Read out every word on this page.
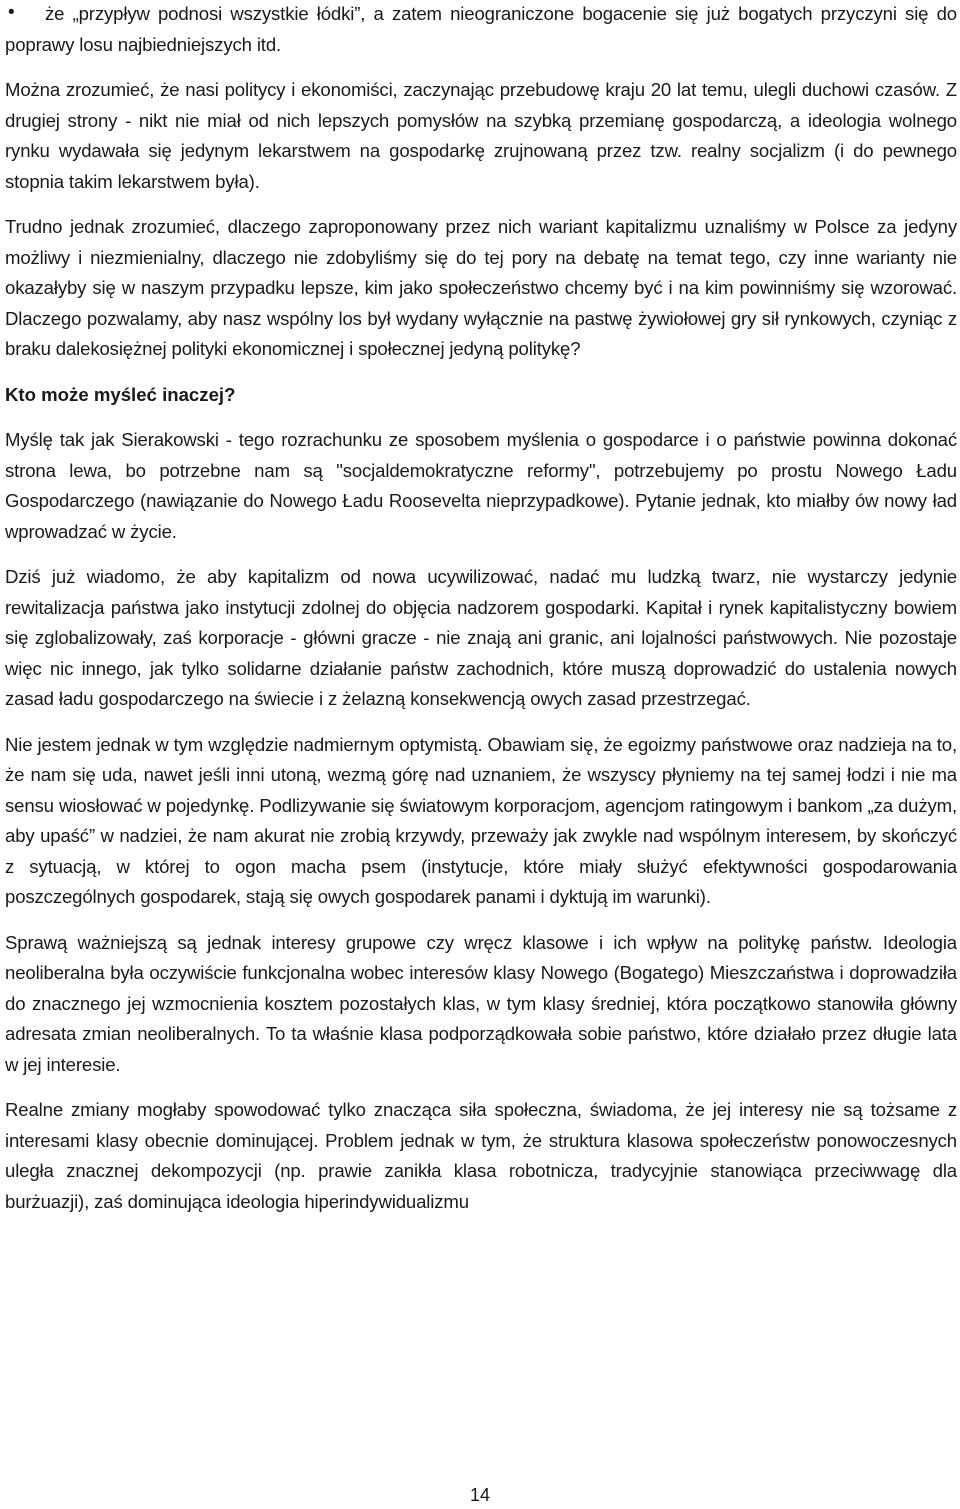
•	że „przypływ podnosi wszystkie łódki”, a zatem nieograniczone bogacenie się już bogatych przyczyni się do poprawy losu najbiedniejszych itd.

Można zrozumieć, że nasi politycy i ekonomiści, zaczynając przebudowę kraju 20 lat temu, ulegli duchowi czasów. Z drugiej strony - nikt nie miał od nich lepszych pomysłów na szybką przemianę gospodarczą, a ideologia wolnego rynku wydawała się jedynym lekarstwem na gospodarkę zrujnowaną przez tzw. realny socjalizm (i do pewnego stopnia takim lekarstwem była).

Trudno jednak zrozumieć, dlaczego zaproponowany przez nich wariant kapitalizmu uznaliśmy w Polsce za jedyny możliwy i niezmienialny, dlaczego nie zdobyliśmy się do tej pory na debatę na temat tego, czy inne warianty nie okazałyby się w naszym przypadku lepsze, kim jako społeczeństwo chcemy być i na kim powinniśmy się wzorować. Dlaczego pozwalamy, aby nasz wspólny los był wydany wyłącznie na pastwę żywiołowej gry sił rynkowych, czyniąc z braku dalekosiężnej polityki ekonomicznej i społecznej jedyną politykę?

Kto może myśleć inaczej?

Myślę tak jak Sierakowski - tego rozrachunku ze sposobem myślenia o gospodarce i o państwie powinna dokonać strona lewa, bo potrzebne nam są "socjaldemokratyczne reformy", potrzebujemy po prostu Nowego Ładu Gospodarczego (nawiązanie do Nowego Ładu Roosevelta nieprzypadkowe). Pytanie jednak, kto miałby ów nowy ład wprowadzać w życie.

Dziś już wiadomo, że aby kapitalizm od nowa ucywilizować, nadać mu ludzką twarz, nie wystarczy jedynie rewitalizacja państwa jako instytucji zdolnej do objęcia nadzorem gospodarki. Kapitał i rynek kapitalistyczny bowiem się zglobalizowały, zaś korporacje - główni gracze - nie znają ani granic, ani lojalności państwowych. Nie pozostaje więc nic innego, jak tylko solidarne działanie państw zachodnich, które muszą doprowadzić do ustalenia nowych zasad ładu gospodarczego na świecie i z żelazną konsekwencją owych zasad przestrzegać.

Nie jestem jednak w tym względzie nadmiernym optymistą. Obawiam się, że egoizmy państwowe oraz nadzieja na to, że nam się uda, nawet jeśli inni utoną, wezmą górę nad uznaniem, że wszyscy płyniemy na tej samej łodzi i nie ma sensu wiosłować w pojedynkę. Podlizywanie się światowym korporacjom, agencjom ratingowym i bankom „za dużym, aby upaść” w nadziei, że nam akurat nie zrobią krzywdy, przeważy jak zwykle nad wspólnym interesem, by skończyć z sytuacją, w której to ogon macha psem (instytucje, które miały służyć efektywności gospodarowania poszczególnych gospodarek, stają się owych gospodarek panami i dyktują im warunki).

Sprawą ważniejszą są jednak interesy grupowe czy wręcz klasowe i ich wpływ na politykę państw. Ideologia neoliberalna była oczywiście funkcjonalna wobec interesów klasy Nowego (Bogatego) Mieszczaństwa i doprowadziła do znacznego jej wzmocnienia kosztem pozostałych klas, w tym klasy średniej, która początkowo stanowiła główny adresata zmian neoliberalnych. To ta właśnie klasa podporządkowała sobie państwo, które działało przez długie lata w jej interesie.

Realne zmiany mogłaby spowodować tylko znacząca siła społeczna, świadoma, że jej interesy nie są tożsame z interesami klasy obecnie dominującej. Problem jednak w tym, że struktura klasowa społeczeństw ponowoczesnych uległa znacznej dekompozycji (np. prawie zanikła klasa robotnicza, tradycyjnie stanowiąca przeciwwagę dla burżuazji), zaś dominująca ideologia hiperindywidualizmu

14
